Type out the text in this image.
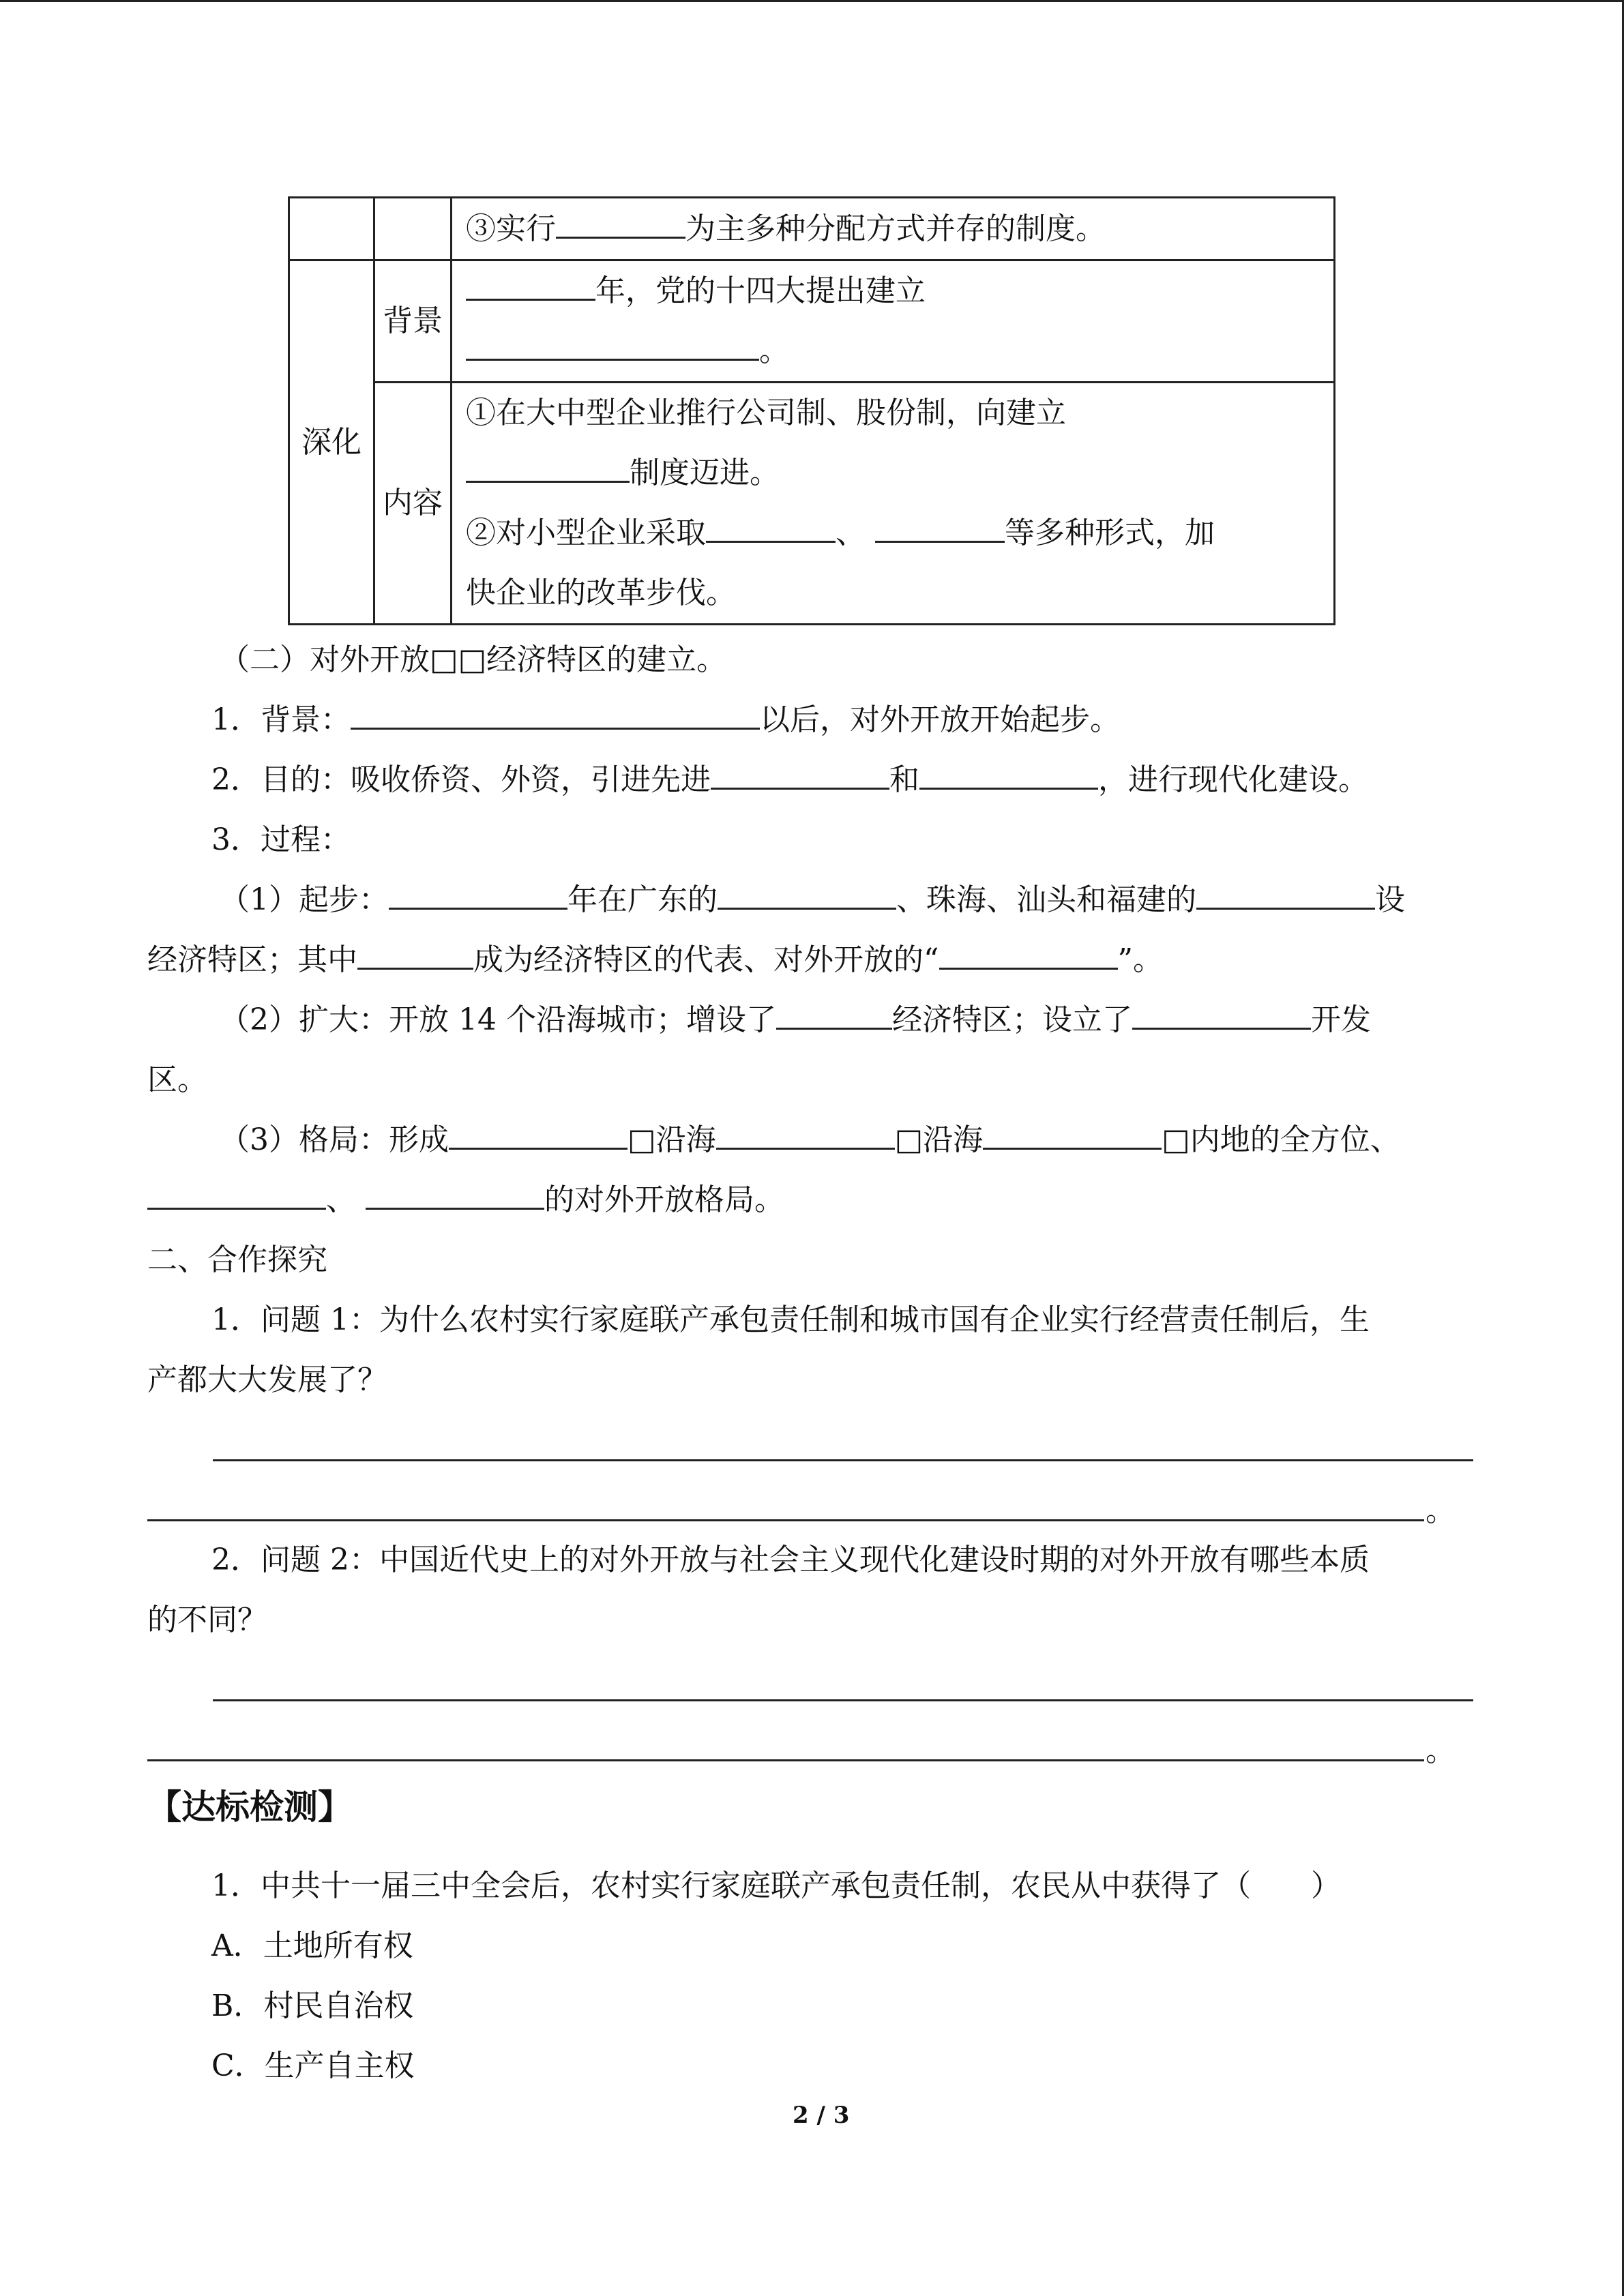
		③实行 为主多种分配方式并存的制度。
深化	背景	年，党的十四大提出建立
。

	内容	①在大中型企业推行公司制、股份制，向建立
制度迈进。
②对小型企业采取 、 等多种形式，加
快企业的改革步伐。
（二）对外开放□□经济特区的建立。
1．背景：	以后，对外开放开始起步。
2．目的：吸收侨资、外资，引进先进	和	，进行现代化建设。
3．过程：
（1）起步：	年在广东的	、珠海、汕头和福建的	设
经济特区；其中	成为经济特区的代表、对外开放的“	”。
（2）扩大：开放 14 个沿海城市；增设了	经济特区；设立了	开发
区。
（3）格局：形成	□沿海	□沿海	□内地的全方位、
、	的对外开放格局。
二、合作探究
1．问题 1：为什么农村实行家庭联产承包责任制和城市国有企业实行经营责任制后，生
产都大大发展了？
。
2．问题 2：中国近代史上的对外开放与社会主义现代化建设时期的对外开放有哪些本质
的不同？
。
【达标检测】
1．中共十一届三中全会后，农村实行家庭联产承包责任制，农民从中获得了（　　）
A．土地所有权
B．村民自治权
C．生产自主权
2 / 3
